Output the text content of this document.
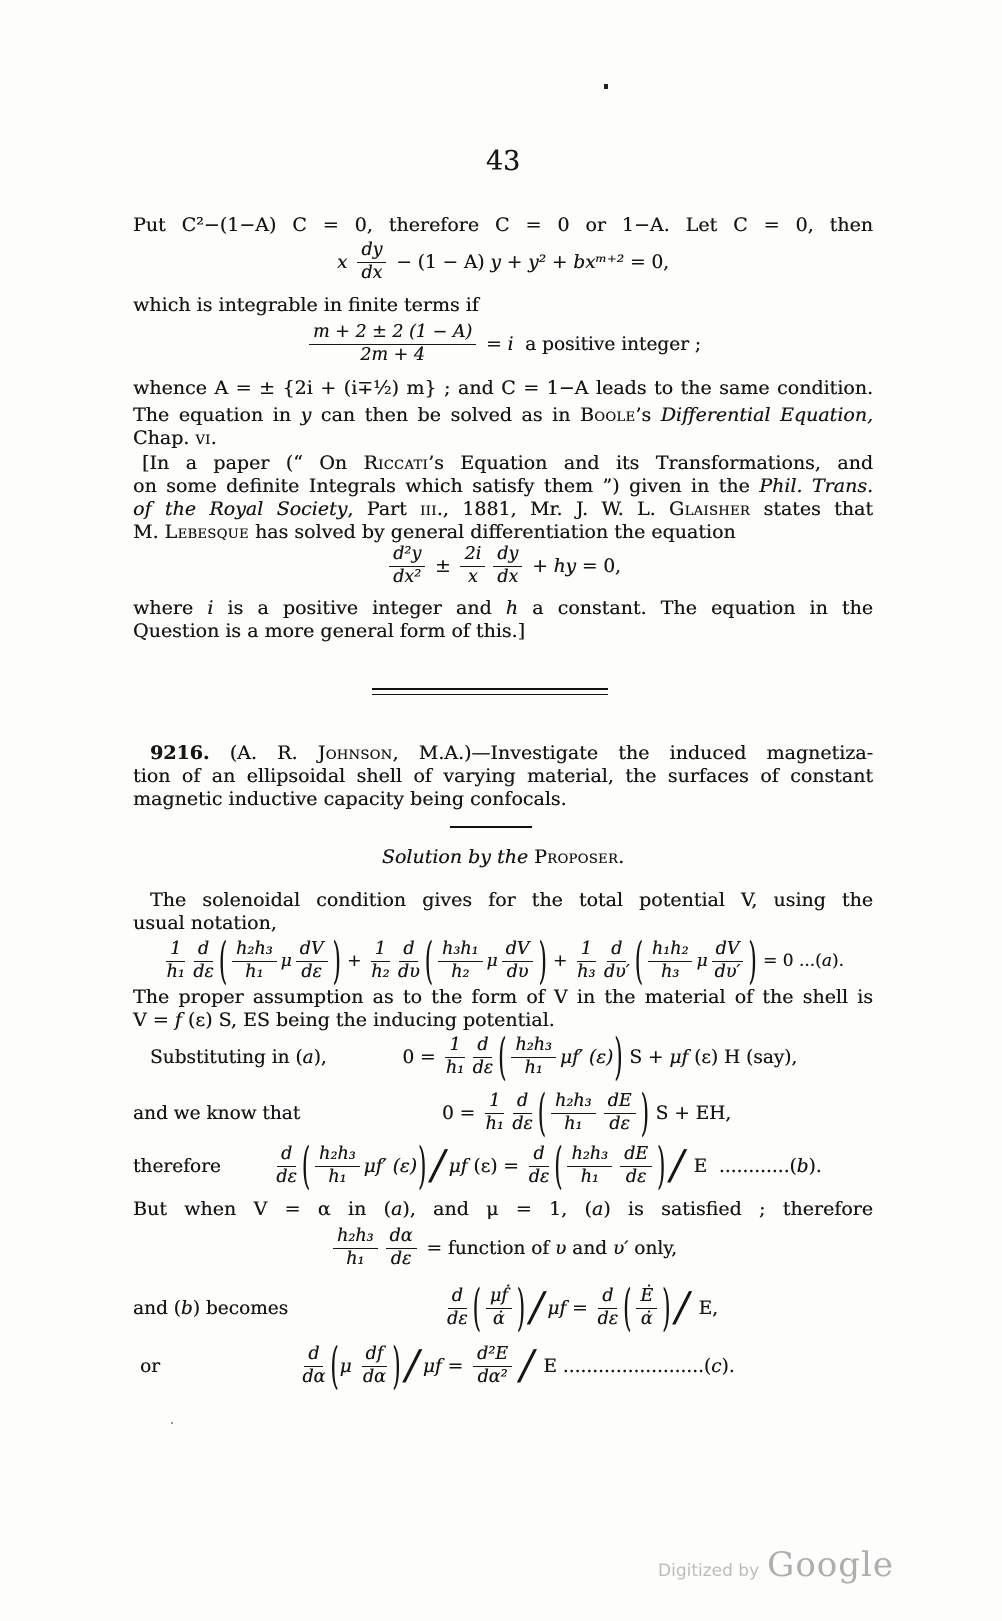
43
Put C²−(1−A) C = 0, therefore C = 0 or 1−A. Let C = 0, then
x $\frac{dy}{dx} - (1 - A) y + y^2$ + bxᵐ⁺² = 0,
which is integrable in finite terms if
$\frac{m + 2 \pm 2 (1 - A)}{2m + 4} = i$ a positive integer ;
whence A = ± {2i + (i∓½) m} ; and C = 1−A leads to the same condition.
The equation in y can then be solved as in Boole’s Differential Equation,
Chap. vi.
[In a paper (“ On Riccati’s Equation and its Transformations, and
on some definite Integrals which satisfy them ”) given in the Phil. Trans.
of the Royal Society, Part iii., 1881, Mr. J. W. L. Glaisher states that
M. Lebesque has solved by general differentiation the equation
$\frac{\text{d²y}}{\text{dx²}} \pm \frac{2i}{x} \frac{dy}{dx}$ + hy = 0,
where i is a positive integer and h a constant. The equation in the
Question is a more general form of this.]
9216. (A. R. Johnson, M.A.)—Investigate the induced magnetiza-
tion of an ellipsoidal shell of varying material, the surfaces of constant
magnetic inductive capacity being confocals.
Solution by the Proposer.
The solenoidal condition gives for the total potential V, using the
usual notation,
$\frac{1}{\text{h₁}} \frac{d}{d\varepsilon}$ ( $\frac{\text{h₂h₃}}{\text{h₁}}$ μ $\frac{dV}{d\varepsilon}$ ) + $\frac{1}{\text{h₂}} \frac{d}{d\upsilon}$ ( $\frac{\text{h₃h₁}}{\text{h₂}}$ μ $\frac{dV}{d\upsilon}$ ) + $\frac{1}{\text{h₃}} \frac{d}{d\upsilon'}$ ( $\frac{\text{h₁h₂}}{\text{h₃}}$ μ $\frac{dV}{d\upsilon'}$ ) = 0 ...( a ).
The proper assumption as to the form of V in the material of the shell is
V = f (ε) S, ES being the inducing potential.
Substituting in (a),	$0 = \frac{1}{\text{h₁}} \frac{d}{d\varepsilon}$ ( $\frac{\text{h₂h₃}}{\text{h₁}} \mu f'$ (ε) ) S + μf (ε) H (say),
and we know that	$0 = \frac{1}{\text{h₁}} \frac{d}{d\varepsilon}$ ( $\frac{\text{h₂h₃}}{\text{h₁}} \frac{dE}{d\varepsilon}$ ) S + EH,
therefore	$\frac{d}{d\varepsilon}$ ( $\frac{\text{h₂h₃}}{\text{h₁}} \mu f'$ (ε) ) / μf $(\varepsilon) = \frac{d}{d\varepsilon}$ ( $\frac{\text{h₂h₃}}{\text{h₁}} \frac{dE}{d\varepsilon}$ ) / E  ............( b ).
But when V = α in (a), and μ = 1, (a) is satisfied ; therefore
$\frac{\text{h₂h₃}}{\text{h₁}} \frac{d\alpha}{d\varepsilon}$ = function of υ and υ′ only,
and (b) becomes	$\frac{d}{d\varepsilon}$ ( $\frac{\text{μḟ}}{\alphȧ}$ ) / $\mu f = \frac{d}{d\varepsilon}$ ( $\frac{Ė}{\alphȧ}$ ) / E,
or	$\frac{d}{d\alpha}$ ( μ $\frac{df}{d\alpha}$ ) / $\mu f = \frac{\text{d²E}}{\text{dα²}} / E$ ........................( c ).
Digitized by Google
